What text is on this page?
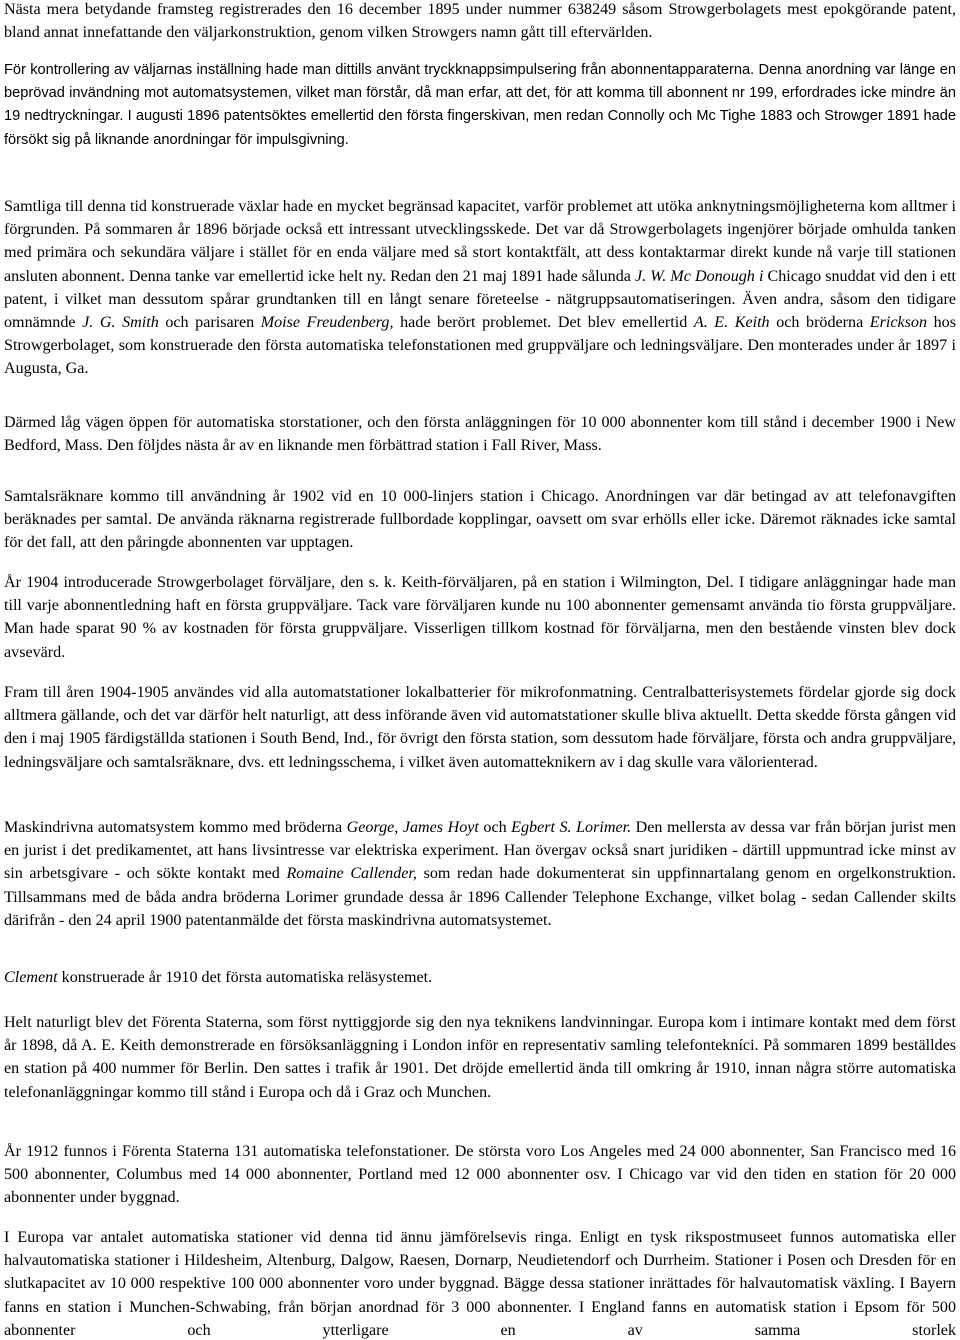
Nästa mera betydande framsteg registrerades den 16 december 1895 under nummer 638249 såsom Strowgerbolagets mest epokgörande patent, bland annat innefattande den väljarkonstruktion, genom vilken Strowgers namn gått till eftervärlden.

För kontrollering av väljarnas inställning hade man dittills använt tryckknappsimpulsering från abonnentapparaterna. Denna anordning var länge en beprövad invändning mot automatsystemen, vilket man förstår, då man erfar, att det, för att komma till abonnent nr 199, erfordrades icke mindre än 19 nedtryckningar. I augusti 1896 patentsöktes emellertid den första fingerskivan, men redan Connolly och Mc Tighe 1883 och Strowger 1891 hade försökt sig på liknande anordningar för impulsgivning.

Samtliga till denna tid konstruerade växlar hade en mycket begränsad kapacitet, varför problemet att utöka anknytningsmöjligheterna kom alltmer i förgrunden. På sommaren år 1896 började också ett intressant utvecklingsskede. Det var då Strowgerbolagets ingenjörer började omhulda tanken med primära och sekundära väljare i stället för en enda väljare med så stort kontaktfält, att dess kontaktarmar direkt kunde nå varje till stationen ansluten abonnent. Denna tanke var emellertid icke helt ny. Redan den 21 maj 1891 hade sålunda J. W. Mc Donough i Chicago snuddat vid den i ett patent, i vilket man dessutom spårar grundtanken till en långt senare företeelse - nätgruppsautomatiseringen. Även andra, såsom den tidigare omnämnde J. G. Smith och parisaren Moise Freudenberg, hade berört problemet. Det blev emellertid A. E. Keith och bröderna Erickson hos Strowgerbolaget, som konstruerade den första automatiska telefonstationen med gruppväljare och ledningsväljare. Den monterades under år 1897 i Augusta, Ga.

Därmed låg vägen öppen för automatiska storstationer, och den första anläggningen för 10 000 abonnenter kom till stånd i december 1900 i New Bedford, Mass. Den följdes nästa år av en liknande men förbättrad station i Fall River, Mass.

Samtalsräknare kommo till användning år 1902 vid en 10 000-linjers station i Chicago. Anordningen var där betingad av att telefonavgiften beräknades per samtal. De använda räknarna registrerade fullbordade kopplingar, oavsett om svar erhölls eller icke. Däremot räknades icke samtal för det fall, att den påringde abonnenten var upptagen.

År 1904 introducerade Strowgerbolaget förväljare, den s. k. Keith-förväljaren, på en station i Wilmington, Del. I tidigare anläggningar hade man till varje abonnentledning haft en första gruppväljare. Tack vare förväljaren kunde nu 100 abonnenter gemensamt använda tio första gruppväljare. Man hade sparat 90 % av kostnaden för första gruppväljare. Visserligen tillkom kostnad för förväljarna, men den bestående vinsten blev dock avsevärd.

Fram till åren 1904-1905 användes vid alla automatstationer lokalbatterier för mikrofonmatning. Centralbatterisystemets fördelar gjorde sig dock alltmera gällande, och det var därför helt naturligt, att dess införande även vid automatstationer skulle bliva aktuellt. Detta skedde första gången vid den i maj 1905 färdigställda stationen i South Bend, Ind., för övrigt den första station, som dessutom hade förväljare, första och andra gruppväljare, ledningsväljare och samtalsräknare, dvs. ett ledningsschema, i vilket även automatteknikern av i dag skulle vara välorienterad.

Maskindrivna automatsystem kommo med bröderna George, James Hoyt och Egbert S. Lorimer. Den mellersta av dessa var från början jurist men en jurist i det predikamentet, att hans livsintresse var elektriska experiment. Han övergav också snart juridiken - därtill uppmuntrad icke minst av sin arbetsgivare - och sökte kontakt med Romaine Callender, som redan hade dokumenterat sin uppfinnartalang genom en orgelkonstruktion. Tillsammans med de båda andra bröderna Lorimer grundade dessa år 1896 Callender Telephone Exchange, vilket bolag - sedan Callender skilts därifrån - den 24 april 1900 patentanmälde det första maskindrivna automatsystemet.

Clement konstruerade år 1910 det första automatiska reläsystemet.

Helt naturligt blev det Förenta Staterna, som först nyttiggjorde sig den nya teknikens landvinningar. Europa kom i intimare kontakt med dem först år 1898, då A. E. Keith demonstrerade en försöksanläggning i London inför en representativ samling telefontekníci. På sommaren 1899 beställdes en station på 400 nummer för Berlin. Den sattes i trafik år 1901. Det dröjde emellertid ända till omkring år 1910, innan några större automatiska telefonanläggningar kommo till stånd i Europa och då i Graz och Munchen.

År 1912 funnos i Förenta Staterna 131 automatiska telefonstationer. De största voro Los Angeles med 24 000 abonnenter, San Francisco med 16 500 abonnenter, Columbus med 14 000 abonnenter, Portland med 12 000 abonnenter osv. I Chicago var vid den tiden en station för 20 000 abonnenter under byggnad.

I Europa var antalet automatiska stationer vid denna tid ännu jämförelsevis ringa. Enligt en tysk rikspostmuseet funnos automatiska eller halvautomatiska stationer i Hildesheim, Altenburg, Dalgow, Raesen, Dornarp, Neudietendorf och Durrheim. Stationer i Posen och Dresden för en slutkapacitet av 10 000 respektive 100 000 abonnenter voro under byggnad. Bägge dessa stationer inrättades för halvautomatisk växling. I Bayern fanns en station i Munchen-Schwabing, från början anordnad för 3 000 abonnenter. I England fanns en automatisk station i Epsom för 500 abonnenter och ytterligare en av samma storlek
